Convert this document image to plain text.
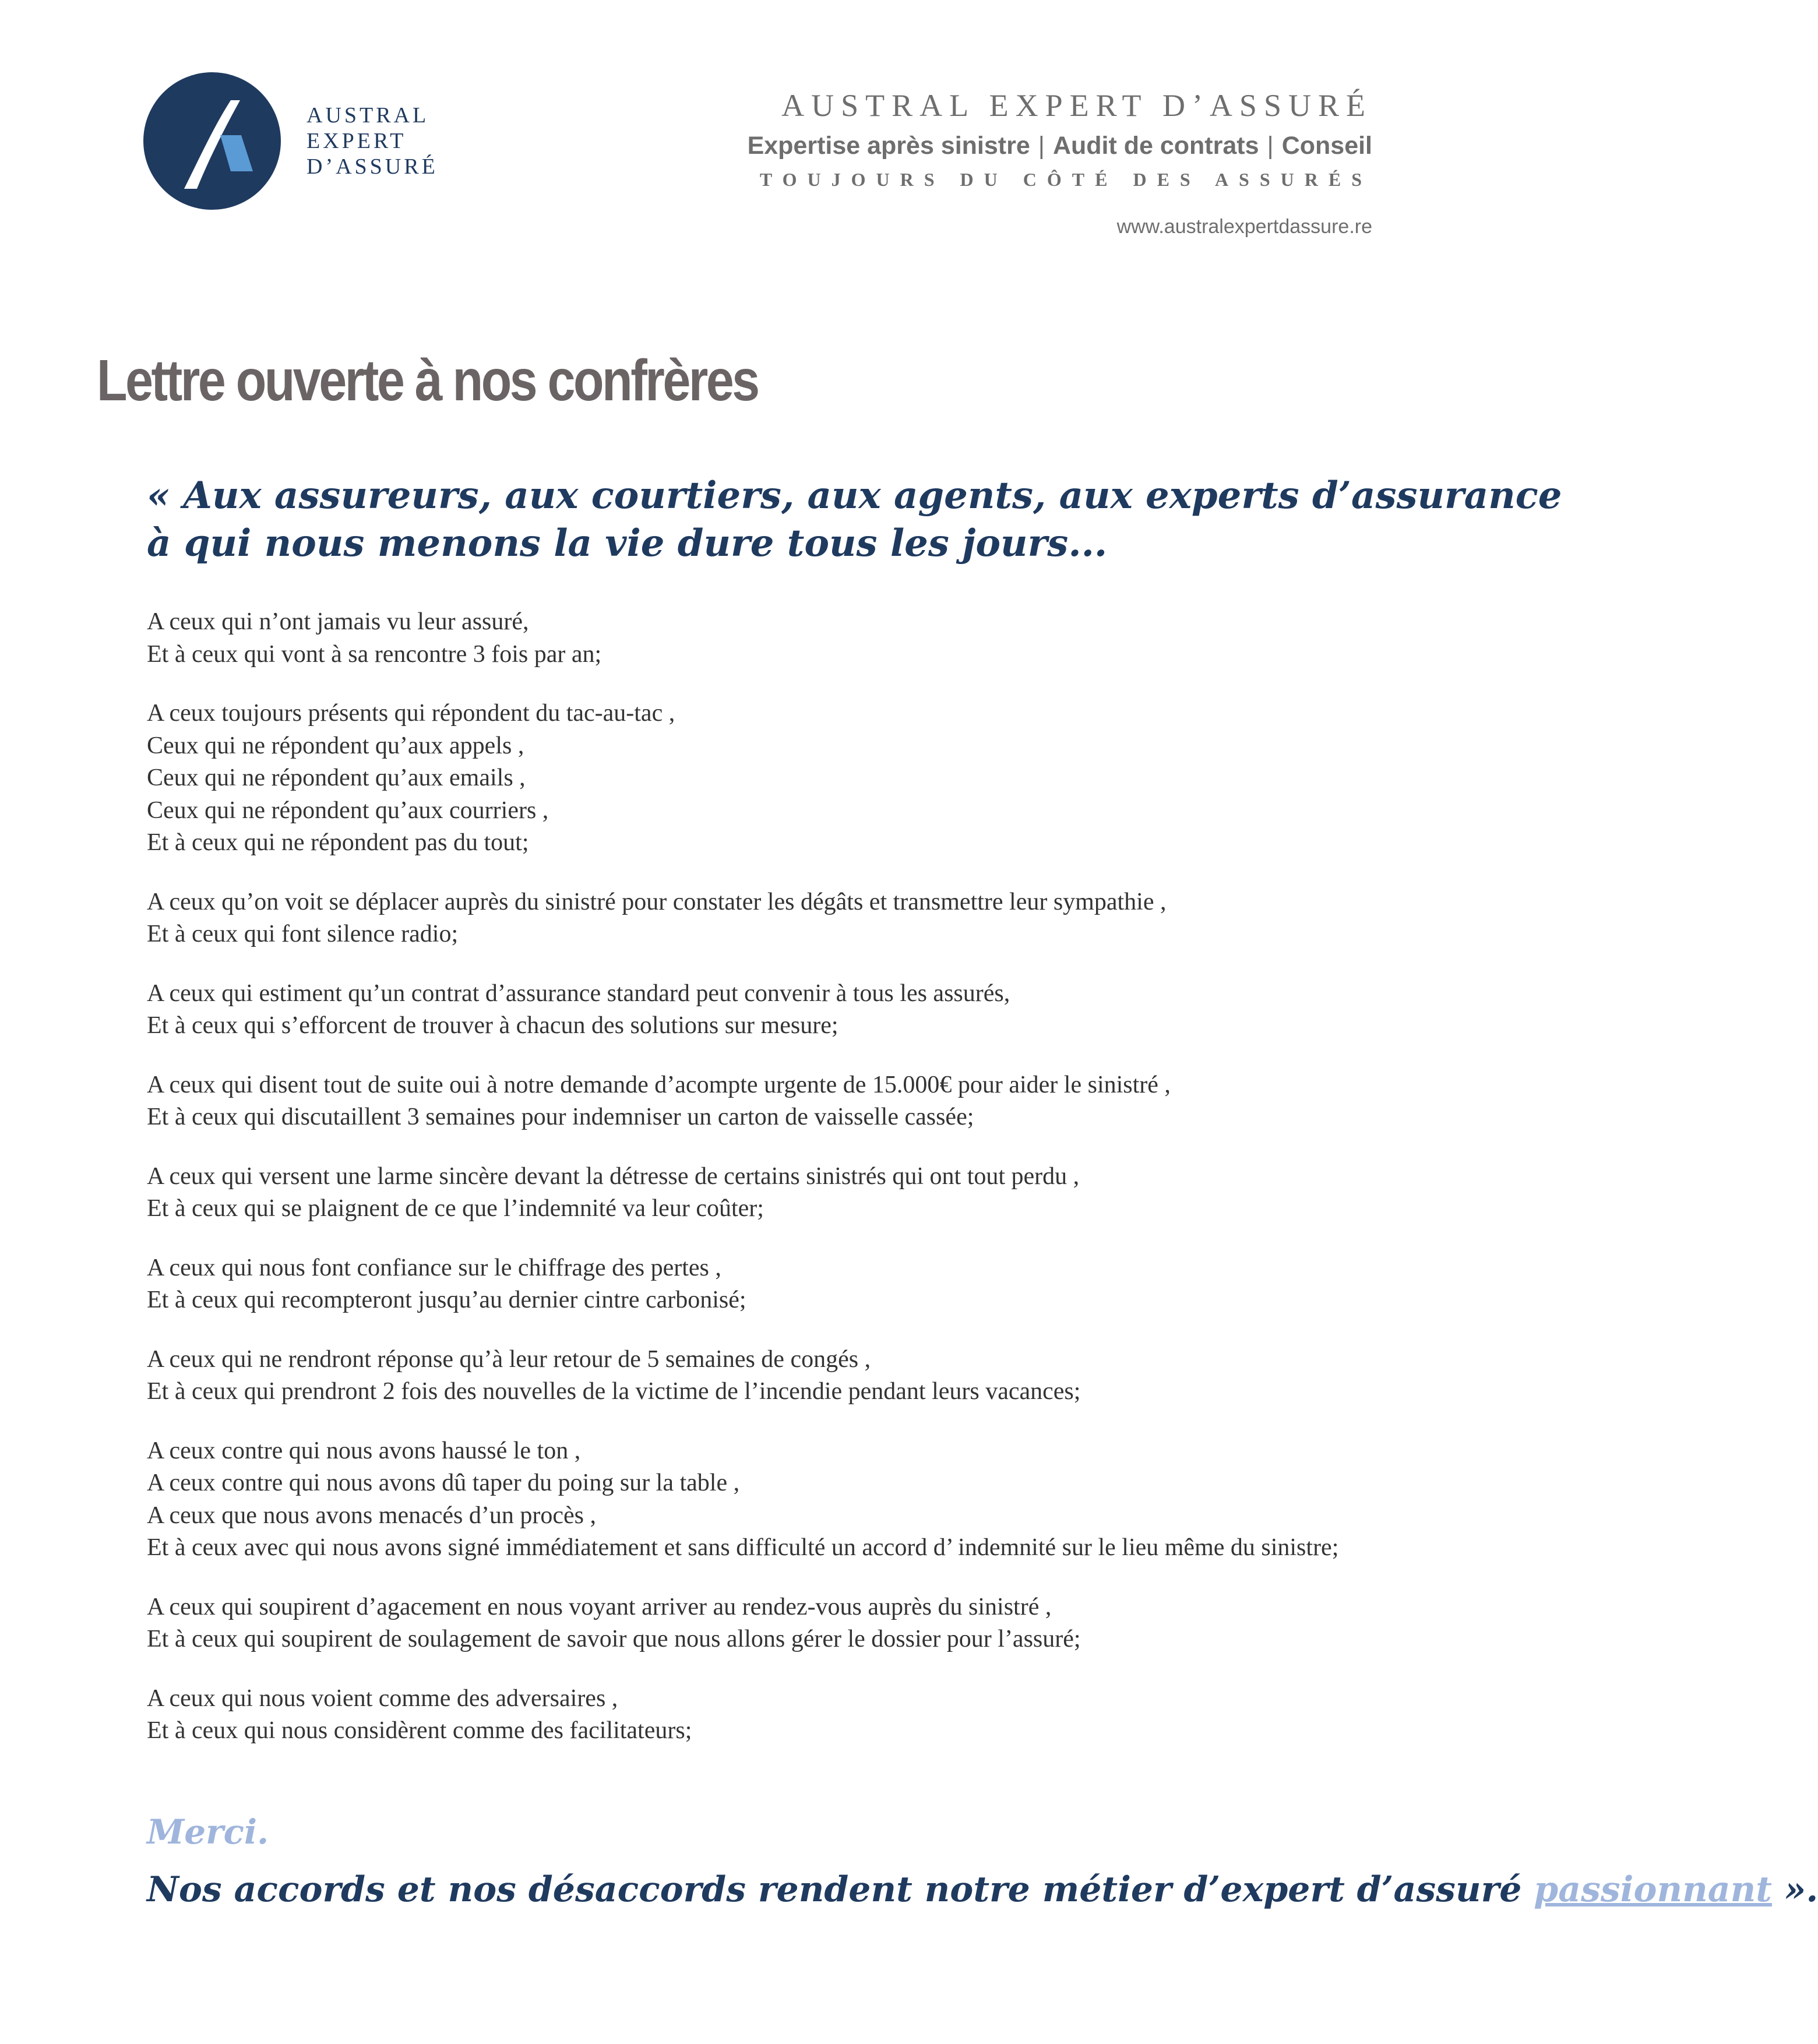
AUSTRAL
EXPERT
D’ASSURÉ
AUSTRAL EXPERT D’ASSURÉ
Expertise après sinistre | Audit de contrats | Conseil
TOUJOURS DU CÔTÉ DES ASSURÉS
www.australexpertdassure.re
Lettre ouverte à nos confrères
« Aux assureurs, aux courtiers, aux agents, aux experts d’assurance
à qui nous menons la vie dure tous les jours...
A ceux qui n’ont jamais vu leur assuré,
Et à ceux qui vont à sa rencontre 3 fois par an;
A ceux toujours présents qui répondent du tac-au-tac ,
Ceux qui ne répondent qu’aux appels ,
Ceux qui ne répondent qu’aux emails ,
Ceux qui ne répondent qu’aux courriers ,
Et à ceux qui ne répondent pas du tout;
A ceux qu’on voit se déplacer auprès du sinistré pour constater les dégâts et transmettre leur sympathie ,
Et à ceux qui font silence radio;
A ceux qui estiment qu’un contrat d’assurance standard peut convenir à tous les assurés,
Et à ceux qui s’efforcent de trouver à chacun des solutions sur mesure;
A ceux qui disent tout de suite oui à notre demande d’acompte urgente de 15.000€ pour aider le sinistré ,
Et à ceux qui discutaillent 3 semaines pour indemniser un carton de vaisselle cassée;
A ceux qui versent une larme sincère devant la détresse de certains sinistrés qui ont tout perdu ,
Et à ceux qui se plaignent de ce que l’indemnité va leur coûter;
A ceux qui nous font confiance sur le chiffrage des pertes ,
Et à ceux qui recompteront jusqu’au dernier cintre carbonisé;
A ceux qui ne rendront réponse qu’à leur retour de 5 semaines de congés ,
Et à ceux qui prendront 2 fois des nouvelles de la victime de l’incendie pendant leurs vacances;
A ceux contre qui nous avons haussé le ton ,
A ceux contre qui nous avons dû taper du poing sur la table ,
A ceux que nous avons menacés d’un procès ,
Et à ceux avec qui nous avons signé immédiatement et sans difficulté un accord d’ indemnité sur le lieu même du sinistre;
A ceux qui soupirent d’agacement en nous voyant arriver au rendez-vous auprès du sinistré ,
Et à ceux qui soupirent de soulagement de savoir que nous allons gérer le dossier pour l’assuré;
A ceux qui nous voient comme des adversaires ,
Et à ceux qui nous considèrent comme des facilitateurs;
Merci.
Nos accords et nos désaccords rendent notre métier d’expert d’assuré passionnant ».
